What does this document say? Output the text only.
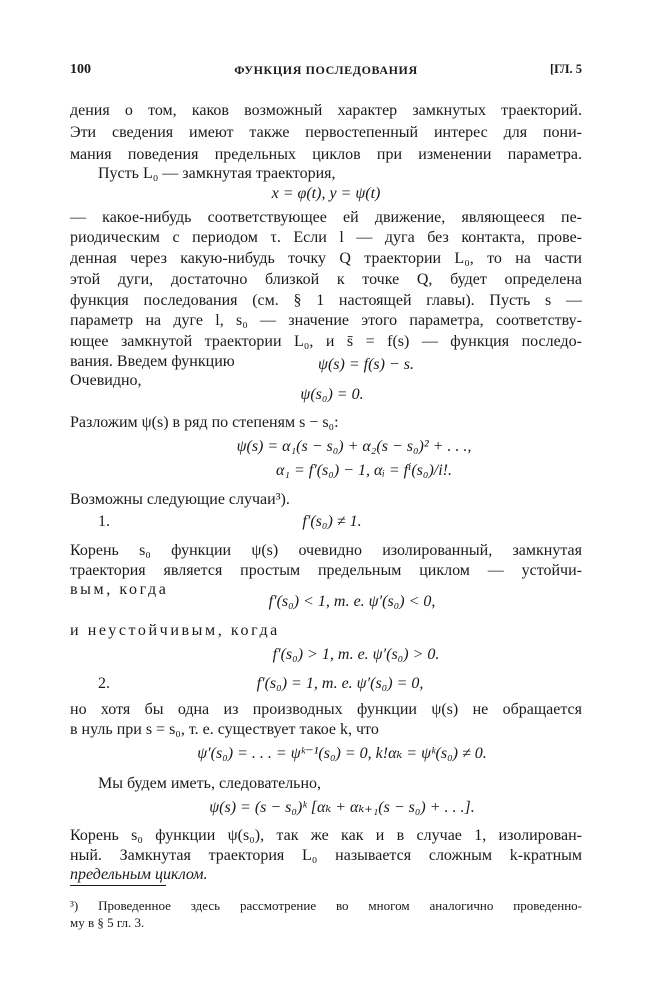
100	ФУНКЦИЯ ПОСЛЕДОВАНИЯ	[ГЛ. 5
дения о том, каков возможный характер замкнутых траекторий.
Эти сведения имеют также первостепенный интерес для пони-
мания поведения предельных циклов при изменении параметра.
Пусть L₀ — замкнутая траектория,
x = φ(t), y = ψ(t)
— какое-нибудь соответствующее ей движение, являющееся пе-
риодическим с периодом τ. Если l — дуга без контакта, прове-
денная через какую-нибудь точку Q траектории L₀, то на части
этой дуги, достаточно близкой к точке Q, будет определена
функция последования (см. § 1 настоящей главы). Пусть s —
параметр на дуге l, s₀ — значение этого параметра, соответству-
ющее замкнутой траектории L₀, и s̄ = f(s) — функция последо-
вания. Введем функцию	ψ(s) = f(s) − s.
Очевидно,
ψ(s₀) = 0.
Разложим ψ(s) в ряд по степеням s − s₀:
ψ(s) = α₁(s − s₀) + α₂(s − s₀)² + . . .,
α₁ = f′(s₀) − 1, αᵢ = fⁱ(s₀)/i!.
Возможны следующие случаи³).
1.	f′(s₀) ≠ 1.
Корень s₀ функции ψ(s) очевидно изолированный, замкнутая
траектория является простым предельным циклом — устойчи-
вым, когда
f′(s₀) < 1, т. е. ψ′(s₀) < 0,
и неустойчивым, когда
f′(s₀) > 1, т. е. ψ′(s₀) > 0.
2.	f′(s₀) = 1, т. е. ψ′(s₀) = 0,
но хотя бы одна из производных функции ψ(s) не обращается
в нуль при s = s₀, т. е. существует такое k, что
ψ′(s₀) = . . . = ψᵏ⁻¹(s₀) = 0, k!αₖ = ψᵏ(s₀) ≠ 0.
Мы будем иметь, следовательно,
ψ(s) = (s − s₀)ᵏ [αₖ + αₖ₊₁(s − s₀) + . . .].
Корень s₀ функции ψ(s₀), так же как и в случае 1, изолирован-
ный. Замкнутая траектория L₀ называется сложным k-кратным
предельным циклом.
³) Проведенное здесь рассмотрение во многом аналогично проведенно-
му в § 5 гл. 3.
